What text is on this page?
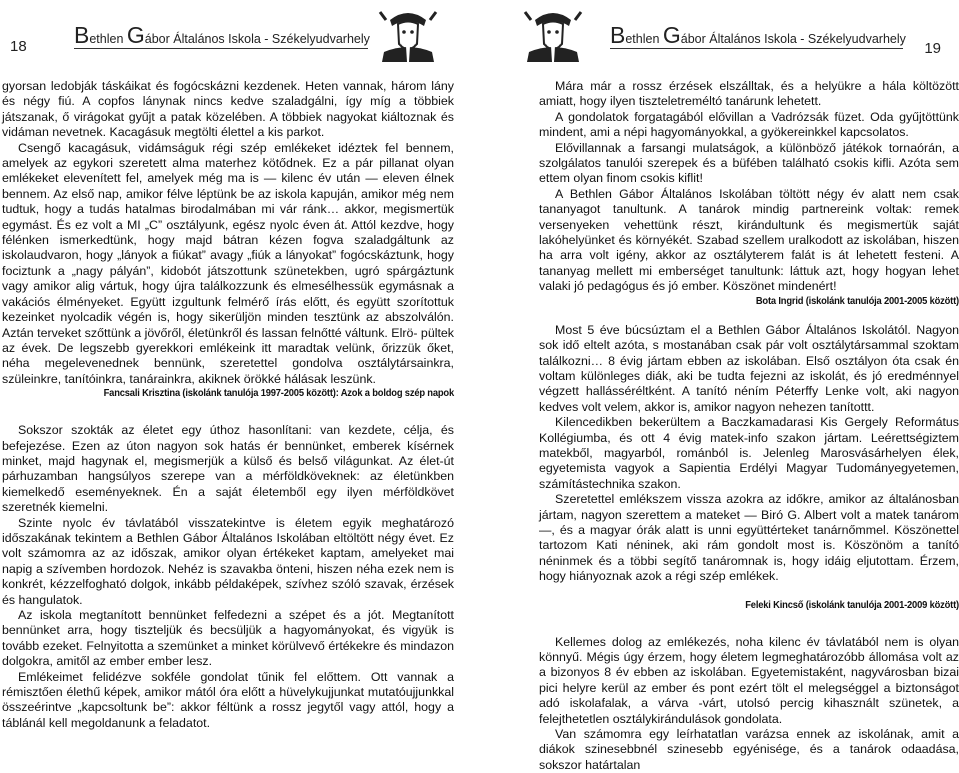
18 Bethlen Gábor Általános Iskola - Székelyudvarhely

gyorsan ledobják táskáikat és fogócskázni kezdenek. Heten vannak, három lány és négy fiú. A copfos lánynak nincs kedve szaladgálni, így míg a többiek játszanak, ő virágokat gyűjt a patak közelében. A többiek nagyokat kiáltoznak és vidáman nevetnek. Kacagásuk megtölti élettel a kis parkot.

Csengő kacagásuk, vidámságuk régi szép emlékeket idéztek fel bennem, amelyek az egykori szeretett alma materhez kötődnek. Ez a pár pillanat olyan emlékeket elevenített fel, amelyek még ma is — kilenc év után — eleven élnek bennem. Az első nap, amikor félve léptünk be az iskola kapuján, amikor még nem tudtuk, hogy a tudás hatalmas birodalmában mi vár ránk… akkor, megismertük egymást. És ez volt a MI „C” osztályunk, egész nyolc éven át. Attól kezdve, hogy félénken ismerkedtünk, hogy majd bátran kézen fogva szaladgáltunk az iskolaudvaron, hogy „lányok a fiúkat” avagy „fiúk a lányokat” fogócskáztunk, hogy fociztunk a „nagy pályán”, kidobót játszottunk szünetekben, ugró spárgáztunk vagy amikor alig vártuk, hogy újra találkozzunk és elmesélhessük egymásnak a vakációs élményeket. Együtt izgultunk felmérő írás előtt, és együtt szorítottuk kezeinket nyolcadik végén is, hogy sikerüljön minden tesztünk az abszolválón. Aztán terveket szőttünk a jövőről, életünkről és lassan felnőtté váltunk. Elrö- pültek az évek. De legszebb gyerekkori emlékeink itt maradtak velünk, őrizzük őket, néha megelevenednek bennünk, szeretettel gondolva osztálytársainkra, szüleinkre, tanítóinkra, tanárainkra, akiknek örökké hálásak leszünk.

Fancsali Krisztina (iskolánk tanulója 1997-2005 között): Azok a boldog szép napok

Sokszor szokták az életet egy úthoz hasonlítani: van kezdete, célja, és befejezése. Ezen az úton nagyon sok hatás ér bennünket, emberek kísérnek minket, majd hagynak el, megismerjük a külső és belső világunkat. Az élet-út párhuzamban hangsúlyos szerepe van a mérföldköveknek: az életünkben kiemelkedő eseményeknek. Én a saját életemből egy ilyen mérföldkövet szeretnék kiemelni.

Szinte nyolc év távlatából visszatekintve is életem egyik meghatározó időszakának tekintem a Bethlen Gábor Általános Iskolában eltöltött négy évet. Ez volt számomra az az időszak, amikor olyan értékeket kaptam, amelyeket mai napig a szívemben hordozok. Nehéz is szavakba önteni, hiszen néha ezek nem is konkrét, kézzelfogható dolgok, inkább példaképek, szívhez szóló szavak, érzések és hangulatok.

Az iskola megtanított bennünket felfedezni a szépet és a jót. Megtanított bennünket arra, hogy tiszteljük és becsüljük a hagyományokat, és vigyük is tovább ezeket. Felnyitotta a szemünket a minket körülvevő értékekre és mindazon dolgokra, amitől az ember ember lesz.

Emlékeimet felidézve sokféle gondolat tűnik fel előttem. Ott vannak a rémisztően élethű képek, amikor mától óra előtt a hüvelykujjunkat mutatóujjunkkal összeérintve „kapcsoltunk be”: akkor féltünk a rossz jegytől vagy attól, hogy a táblánál kell megoldanunk a feladatot.

Bethlen Gábor Általános Iskola - Székelyudvarhely
19

Mára már a rossz érzések elszálltak, és a helyükre a hála költözött amiatt, hogy ilyen tiszteletreméltó tanárunk lehetett.

A gondolatok forgatagából elővillan a Vadrózsák füzet. Oda gyűjtöttünk mindent, ami a népi hagyományokkal, a gyökereinkkel kapcsolatos.

Elővillannak a farsangi mulatságok, a különböző játékok tornaórán, a szolgálatos tanulói szerepek és a büfében található csokis kifli. Azóta sem ettem olyan finom csokis kiflit!

A Bethlen Gábor Általános Iskolában töltött négy év alatt nem csak tananyagot tanultunk. A tanárok mindig partnereink voltak: remek versenyeken vehettünk részt, kirándultunk és megismertük saját lakóhelyünket és környékét. Szabad szellem uralkodott az iskolában, hiszen ha arra volt igény, akkor az osztályterem falát is át lehetett festeni. A tananyag mellett mi emberséget tanultunk: láttuk azt, hogy hogyan lehet valaki jó pedagógus és jó ember. Köszönet mindenért!

Bota Ingrid (iskolánk tanulója 2001-2005 között)

Most 5 éve búcsúztam el a Bethlen Gábor Általános Iskolától. Nagyon sok idő eltelt azóta, s mostanában csak pár volt osztálytársammal szoktam találkozni… 8 évig jártam ebben az iskolában. Első osztályon óta csak én voltam különleges diák, aki be tudta fejezni az iskolát, és jó eredménnyel végzett hallásséréltként. A tanító néním Péterffy Lenke volt, aki nagyon kedves volt velem, akkor is, amikor nagyon nehezen tanítottt.

Kilencedikben bekerültem a Baczkamadarasi Kis Gergely Református Kollégiumba, és ott 4 évig matek-info szakon jártam. Leérettségiztem matekből, magyarból, románból is. Jelenleg Marosvásárhelyen élek, egyetemista vagyok a Sapientia Erdélyi Magyar Tudományegyetemen, számítástechnika szakon.

Szeretettel emlékszem vissza azokra az időkre, amikor az általánosban jártam, nagyon szerettem a mateket — Biró G. Albert volt a matek tanárom —, és a magyar órák alatt is unni együttérteket tanárnőmmel. Köszönettel tartozom Kati néninek, aki rám gondolt most is. Köszönöm a tanító néninmek és a többi segítő tanáromnak is, hogy idáig eljutottam. Érzem, hogy hiányoznak azok a régi szép emlékek.

Feleki Kincső (iskolánk tanulója 2001-2009 között)

Kellemes dolog az emlékezés, noha kilenc év távlatából nem is olyan könnyű. Mégis úgy érzem, hogy életem legmeghatározóbb állomása volt az a bizonyos 8 év ebben az iskolában. Egyetemistaként, nagyvárosban bizai pici helyre kerül az ember és pont ezért tölt el melegséggel a biztonságot adó iskolafalak, a várva -várt, utolsó percig kihasznált szünetek, a felejthetetlen osztálykirándulások gondolata.

Van számomra egy leírhatatlan varázsa ennek az iskolának, amit a diákok szinesebbnél szinesebb egyénisége, és a tanárok odaadása, sokszor határtalan
